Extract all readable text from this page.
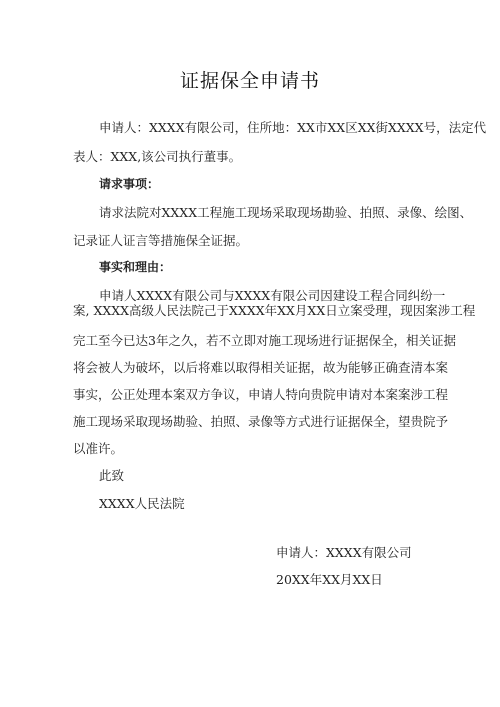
证据保全申请书
申请人：XXXX有限公司，住所地：XX市XX区XX街XXXX号，法定代
表人：XXX,该公司执行董事。
请求事项：
请求法院对XXXX工程施工现场采取现场勘验、拍照、录像、绘图、
记录证人证言等措施保全证据。
事实和理由：
申请人XXXX有限公司与XXXX有限公司因建设工程合同纠纷一
案, XXXX高级人民法院己于XXXX年XX月XX日立案受理，现因案涉工程
完工至今已达3年之久，若不立即对施工现场进行证据保全，相关证据
将会被人为破坏，以后将难以取得相关证据，故为能够正确查清本案
事实，公正处理本案双方争议，申请人特向贵院申请对本案案涉工程
施工现场采取现场勘验、拍照、录像等方式进行证据保全，望贵院予
以准许。
此致
XXXX人民法院
申请人：XXXX有限公司
20XX年XX月XX日
